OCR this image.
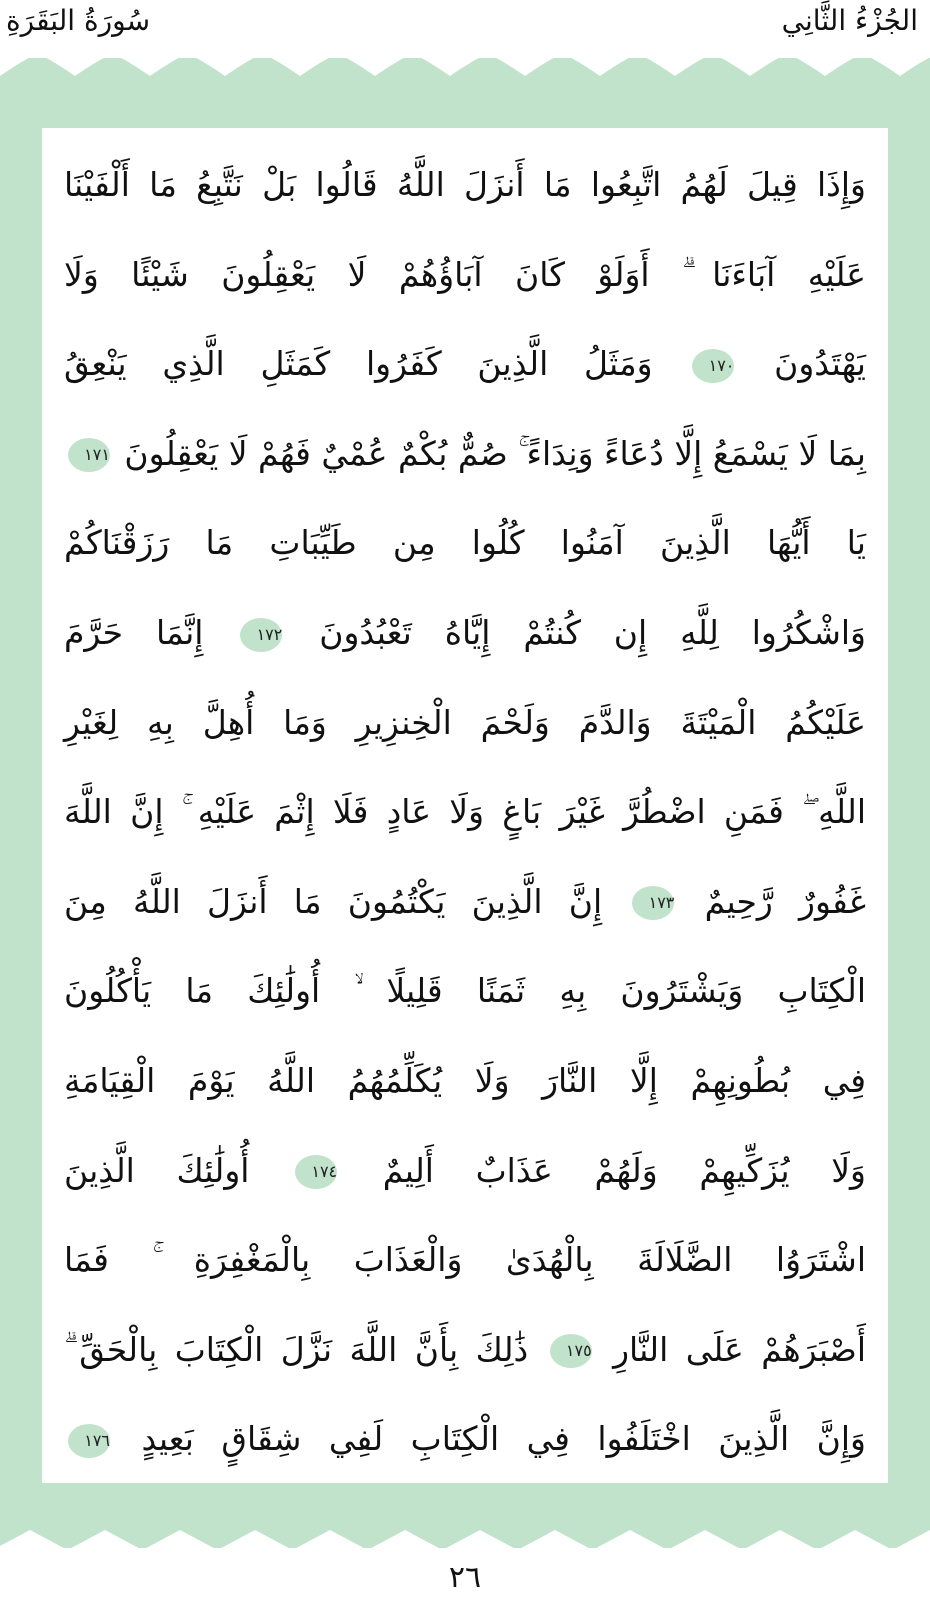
الجُزْءُ الثَّانِي
سُورَةُ البَقَرَةِ
وَإِذَا قِيلَ لَهُمُ اتَّبِعُوا مَا أَنزَلَ اللَّهُ قَالُوا بَلْ نَتَّبِعُ مَا أَلْفَيْنَا
عَلَيْهِ آبَاءَنَا ۗ أَوَلَوْ كَانَ آبَاؤُهُمْ لَا يَعْقِلُونَ شَيْئًا وَلَا
يَهْتَدُونَ ١٧٠ وَمَثَلُ الَّذِينَ كَفَرُوا كَمَثَلِ الَّذِي يَنْعِقُ
بِمَا لَا يَسْمَعُ إِلَّا دُعَاءً وَنِدَاءً ۚ صُمٌّ بُكْمٌ عُمْيٌ فَهُمْ لَا يَعْقِلُونَ ١٧١
يَا أَيُّهَا الَّذِينَ آمَنُوا كُلُوا مِن طَيِّبَاتِ مَا رَزَقْنَاكُمْ
وَاشْكُرُوا لِلَّهِ إِن كُنتُمْ إِيَّاهُ تَعْبُدُونَ ١٧٢ إِنَّمَا حَرَّمَ
عَلَيْكُمُ الْمَيْتَةَ وَالدَّمَ وَلَحْمَ الْخِنزِيرِ وَمَا أُهِلَّ بِهِ لِغَيْرِ
اللَّهِ ۖ فَمَنِ اضْطُرَّ غَيْرَ بَاغٍ وَلَا عَادٍ فَلَا إِثْمَ عَلَيْهِ ۚ إِنَّ اللَّهَ
غَفُورٌ رَّحِيمٌ ١٧٣ إِنَّ الَّذِينَ يَكْتُمُونَ مَا أَنزَلَ اللَّهُ مِنَ
الْكِتَابِ وَيَشْتَرُونَ بِهِ ثَمَنًا قَلِيلًا ۙ أُولَٰئِكَ مَا يَأْكُلُونَ
فِي بُطُونِهِمْ إِلَّا النَّارَ وَلَا يُكَلِّمُهُمُ اللَّهُ يَوْمَ الْقِيَامَةِ
وَلَا يُزَكِّيهِمْ وَلَهُمْ عَذَابٌ أَلِيمٌ ١٧٤ أُولَٰئِكَ الَّذِينَ
اشْتَرَوُا الضَّلَالَةَ بِالْهُدَىٰ وَالْعَذَابَ بِالْمَغْفِرَةِ ۚ فَمَا
أَصْبَرَهُمْ عَلَى النَّارِ ١٧٥ ذَٰلِكَ بِأَنَّ اللَّهَ نَزَّلَ الْكِتَابَ بِالْحَقِّ ۗ
وَإِنَّ الَّذِينَ اخْتَلَفُوا فِي الْكِتَابِ لَفِي شِقَاقٍ بَعِيدٍ ١٧٦
٢٦
